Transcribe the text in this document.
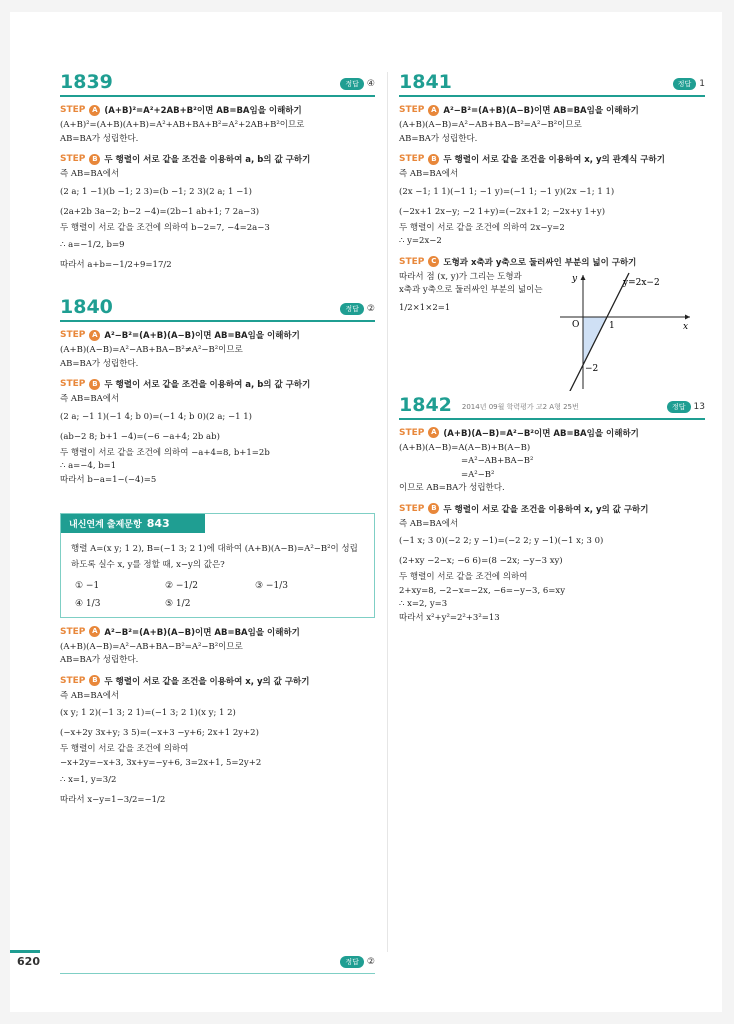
1839	정답 ④
STEP A (A+B)²=A²+2AB+B²이면 AB=BA임을 이해하기
(A+B)²=(A+B)(A+B)=A²+AB+BA+B²=A²+2AB+B²이므로
AB=BA가 성립한다.
STEP B 두 행렬이 서로 같을 조건을 이용하여 a, b의 값 구하기
즉 AB=BA에서
(2 a; 1 −1)(b −1; 2 3)=(b −1; 2 3)(2 a; 1 −1)
(2a+2b 3a−2; b−2 −4)=(2b−1 ab+1; 7 2a−3)
두 행렬이 서로 같을 조건에 의하여 b−2=7, −4=2a−3
∴ a=−1/2, b=9
따라서 a+b=−1/2+9=17/2
1840	정답 ②
STEP A A²−B²=(A+B)(A−B)이면 AB=BA임을 이해하기
(A+B)(A−B)=A²−AB+BA−B²≠A²−B²이므로
AB=BA가 성립한다.
STEP B 두 행렬이 서로 같을 조건을 이용하여 a, b의 값 구하기
즉 AB=BA에서
(2 a; −1 1)(−1 4; b 0)=(−1 4; b 0)(2 a; −1 1)
(ab−2 8; b+1 −4)=(−6 −a+4; 2b ab)
두 행렬이 서로 같을 조건에 의하여 −a+4=8, b+1=2b
∴ a=−4, b=1
따라서 b−a=1−(−4)=5
내신연계 출제문항 843
행렬 A=(x y; 1 2), B=(−1 3; 2 1)에 대하여 (A+B)(A−B)=A²−B²이 성립
하도록 실수 x, y를 정할 때, x−y의 값은?
① −1	② −1/2	③ −1/3
④ 1/3	⑤ 1/2
STEP A A²−B²=(A+B)(A−B)이면 AB=BA임을 이해하기
(A+B)(A−B)=A²−AB+BA−B²=A²−B²이므로
AB=BA가 성립한다.
STEP B 두 행렬이 서로 같을 조건을 이용하여 x, y의 값 구하기
즉 AB=BA에서
(x y; 1 2)(−1 3; 2 1)=(−1 3; 2 1)(x y; 1 2)
(−x+2y 3x+y; 3 5)=(−x+3 −y+6; 2x+1 2y+2)
두 행렬이 서로 같을 조건에 의하여
−x+2y=−x+3, 3x+y=−y+6, 3=2x+1, 5=2y+2
∴ x=1, y=3/2
따라서 x−y=1−3/2=−1/2
정답 ②
1841	정답 1
STEP A A²−B²=(A+B)(A−B)이면 AB=BA임을 이해하기
(A+B)(A−B)=A²−AB+BA−B²=A²−B²이므로
AB=BA가 성립한다.
STEP B 두 행렬이 서로 같을 조건을 이용하여 x, y의 관계식 구하기
즉 AB=BA에서
(2x −1; 1 1)(−1 1; −1 y)=(−1 1; −1 y)(2x −1; 1 1)
(−2x+1 2x−y; −2 1+y)=(−2x+1 2; −2x+y 1+y)
두 행렬이 서로 같을 조건에 의하여 2x−y=2
∴ y=2x−2
STEP C 도형과 x축과 y축으로 둘러싸인 부분의 넓이 구하기
따라서 점 (x, y)가 그리는 도형과
x축과 y축으로 둘러싸인 부분의 넓이는
1/2×1×2=1
y=2x−2
y
x
O	1
−2
1842 2014년 09월 학력평가 고2 A형 25번	정답 13
STEP A (A+B)(A−B)=A²−B²이면 AB=BA임을 이해하기
(A+B)(A−B)=A(A−B)+B(A−B)
=A²−AB+BA−B²
=A²−B²
이므로 AB=BA가 성립한다.
STEP B 두 행렬이 서로 같을 조건을 이용하여 x, y의 값 구하기
즉 AB=BA에서
(−1 x; 3 0)(−2 2; y −1)=(−2 2; y −1)(−1 x; 3 0)
(2+xy −2−x; −6 6)=(8 −2x; −y−3 xy)
두 행렬이 서로 같을 조건에 의하여
2+xy=8, −2−x=−2x, −6=−y−3, 6=xy
∴ x=2, y=3
따라서 x²+y²=2²+3²=13
620
